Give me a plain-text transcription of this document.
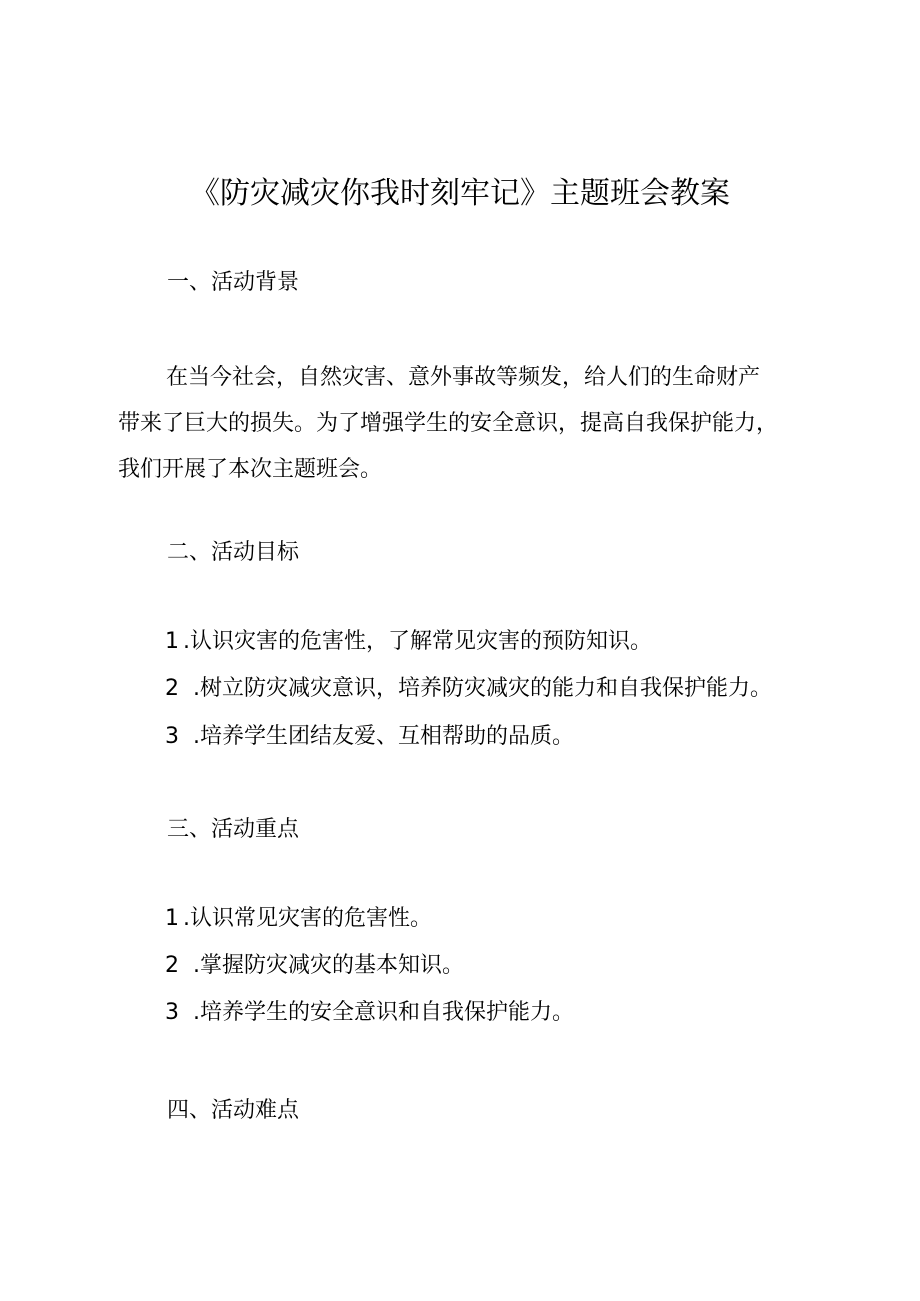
《防灾减灾你我时刻牢记》主题班会教案
一、活动背景
在当今社会，自然灾害、意外事故等频发，给人们的生命财产
带来了巨大的损失。为了增强学生的安全意识，提高自我保护能力，
我们开展了本次主题班会。
二、活动目标
1 .认识灾害的危害性，了解常见灾害的预防知识。
2 .树立防灾减灾意识，培养防灾减灾的能力和自我保护能力。
3 .培养学生团结友爱、互相帮助的品质。
三、活动重点
1 .认识常见灾害的危害性。
2 .掌握防灾减灾的基本知识。
3 .培养学生的安全意识和自我保护能力。
四、活动难点
